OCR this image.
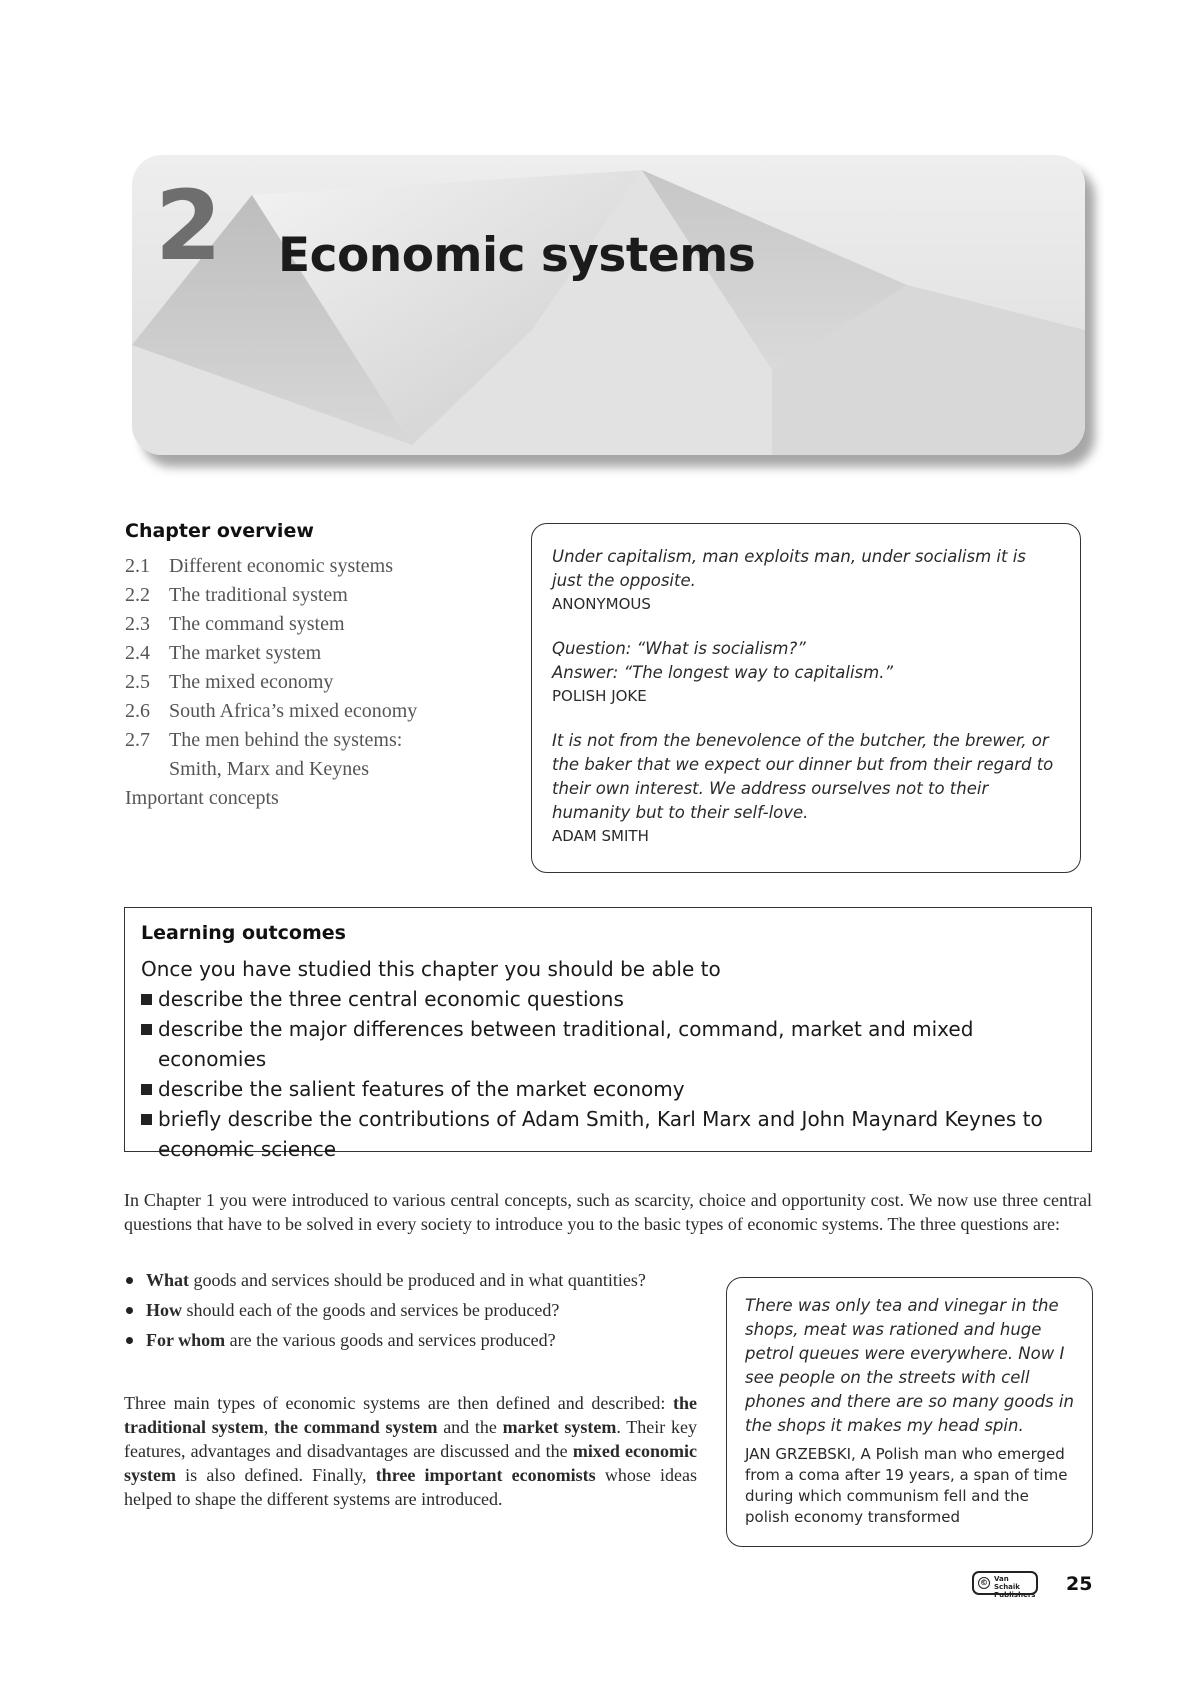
2 Economic systems
Chapter overview
2.1 Different economic systems
2.2 The traditional system
2.3 The command system
2.4 The market system
2.5 The mixed economy
2.6 South Africa’s mixed economy
2.7 The men behind the systems:
Smith, Marx and Keynes
Important concepts

Under capitalism, man exploits man, under socialism it is just the opposite.

ANONYMOUS

Question: “What is socialism?”

Answer: “The longest way to capitalism.”

POLISH JOKE

It is not from the benevolence of the butcher, the brewer, or the baker that we expect our dinner but from their regard to their own interest. We address ourselves not to their humanity but to their self-love.

ADAM SMITH

Learning outcomes

Once you have studied this chapter you should be able to

describe the three central economic questions
describe the major differences between traditional, command, market and mixed economies
describe the salient features of the market economy
briefly describe the contributions of Adam Smith, Karl Marx and John Maynard Keynes to economic science

In Chapter 1 you were introduced to various central concepts, such as scarcity, choice and opportunity cost. We now use three central questions that have to be solved in every society to introduce you to the basic types of economic systems. The three questions are:

What goods and services should be produced and in what quantities?
How should each of the goods and services be produced?
For whom are the various goods and services produced?

Three main types of economic systems are then defined and described: the traditional system, the command system and the market system. Their key features, advantages and disadvantages are discussed and the mixed economic system is also defined. Finally, three important economists whose ideas helped to shape the different systems are introduced.

There was only tea and vinegar in the shops, meat was rationed and huge petrol queues were everywhere. Now I see people on the streets with cell phones and there are so many goods in the shops it makes my head spin.

JAN GRZEBSKI, A Polish man who emerged from a coma after 19 years, a span of time during which communism fell and the polish economy transformed

© Van Schaik
Publishers 25
